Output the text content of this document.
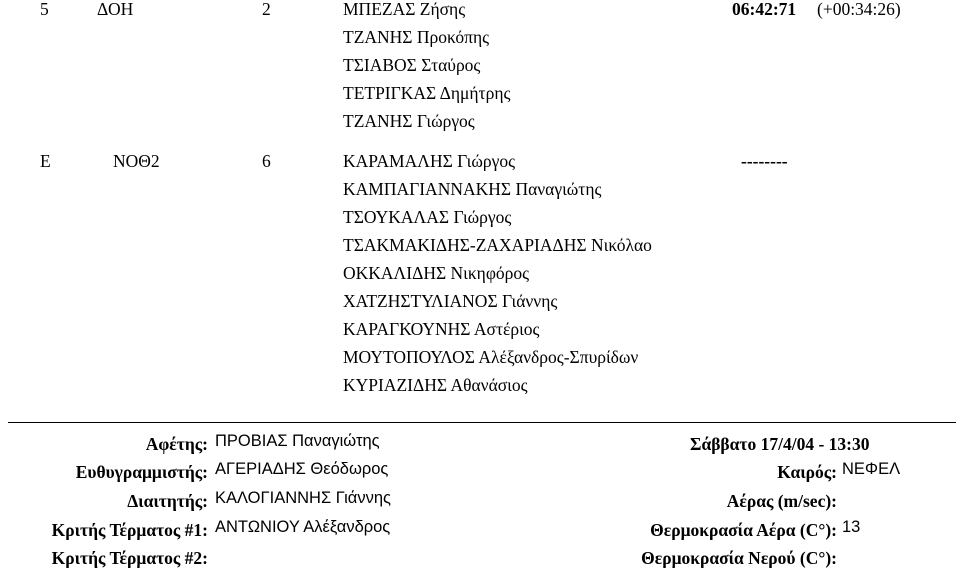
5	ΔΟΗ	2	ΜΠΕΖΑΣ Ζήσης
ΤΖΑΝΗΣ Προκόπης
ΤΣΙΑΒΟΣ Σταύρος
ΤΕΤΡΙΓΚΑΣ Δημήτρης
ΤΖΑΝΗΣ Γιώργος
06:42:71 (+00:34:26)
Ε	ΝΟΘ2	6	ΚΑΡΑΜΑΛΗΣ Γιώργος
ΚΑΜΠΑΓΙΑΝΝΑΚΗΣ Παναγιώτης
ΤΣΟΥΚΑΛΑΣ Γιώργος
ΤΣΑΚΜΑΚΙΔΗΣ-ΖΑΧΑΡΙΑΔΗΣ Νικόλαο
ΟΚΚΑΛΙΔΗΣ Νικηφόρος
ΧΑΤΖΗΣΤΥΛΙΑΝΟΣ Γιάννης
ΚΑΡΑΓΚΟΥΝΗΣ Αστέριος
ΜΟΥΤΟΠΟΥΛΟΣ Αλέξανδρος-Σπυρίδων
ΚΥΡΙΑΖΙΔΗΣ Αθανάσιος
--------
Αφέτης: ΠΡΟΒΙΑΣ Παναγιώτης
Ευθυγραμμιστής: ΑΓΕΡΙΑΔΗΣ Θεόδωρος
Διαιτητής: ΚΑΛΟΓΙΑΝΝΗΣ Γιάννης
Κριτής Τέρματος #1: ΑΝΤΩΝΙΟΥ Αλέξανδρος
Κριτής Τέρματος #2:
Σάββατο 17/4/04 - 13:30
Καιρός: ΝΕΦΕΛ
Αέρας (m/sec):
Θερμοκρασία Αέρα (C°): 13
Θερμοκρασία Νερού (C°):
